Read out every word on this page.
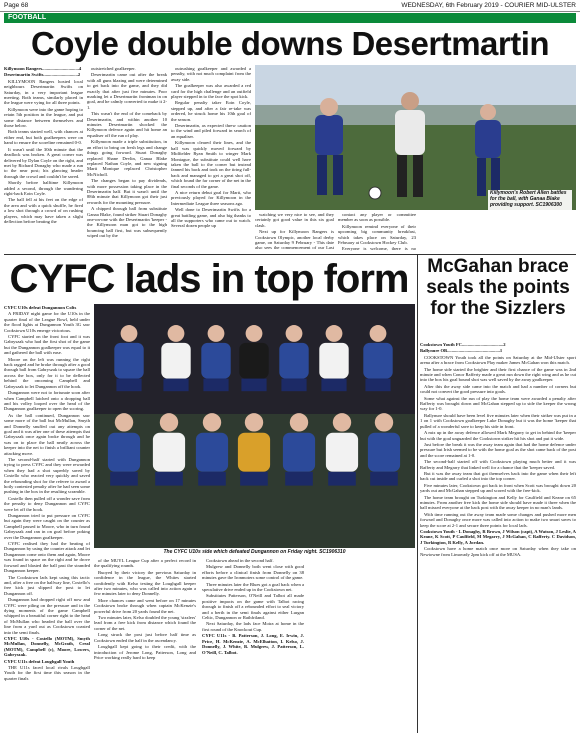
Page 68	WEDNESDAY, 6th February 2019 - COURIER MID-ULSTER
FOOTBALL
Coyle double downs Desertmartin

Killymoon Rangers................................4

Desertmartin Swifts..............................2

KILLYMOON Rangers hosted local neighbours Desertmartin Swifts on Saturday, in a very important league meeting. Both teams, similarly placed in the league were vying for all three points.

Killymoon were into the game hoping to retain 5th position in the league, and put some distance between themselves and those below.

Both teams started well, with chances at either end, but both goalkeepers were on hand to ensure the scoreline remained 0-0.

It wasn't until the 30th minute that the deadlock was broken. A great corner was delivered by Dylan Coyle on the right, and met by Richard Donaghy who made a run to the near post; his glancing header through the crowd and couldn't be saved.

Shortly before halftime Killymoon added a second, through the wandering right-back Eoin Coyle.

The ball fell at his feet on the edge of the area and with a quick shuffle, he fired a low shot through a crowd of on rushing players, which may have taken a slight deflection before beating the

outstretched goalkeeper.

Desertmartin came out after the break with all guns blazing and were determined to get back into the game, and they did exactly that after just five minutes. Poor marking let a Desertmartin frontman in on goal, and he calmly converted to make it 2-1.

This wasn't the end of the comeback by Desertmartin, and within another 10 minutes Desertmartin shocked the Killymoon defence again and hit home an equaliser off the run of play.

Killymoon made a triple substitution, in an effort to bring on fresh legs and change things going forward. Stuart Donaghy replaced Shane Devlin, Ganaa Blake replaced Nathan Coyle, and new signing Marti Monique replaced Christopher McNicholl.

The changes began to pay dividends, with more possession taking place in the Desertmartin half. But it wasn't until the 88th minute that Killymoon got their just rewards for the mounting pressure.

A chipped through ball from substitute Ganaa Blake, found striker Stuart Donaghy one-on-one with the Desertmartin 'keeper - the Killymoon man got to the high bouncing ball first, but was subsequently wiped out by the

outrushing goalkeeper and awarded a penalty, with not much complaint from the away side.

The goalkeeper was also awarded a red card for the high challenge and an outfield player stepped in to the face the spot kick.

Regular penalty taker Eoin Coyle, stepped up, and after a fair re-take was ordered, he struck home his 10th goal of the season.

Desertmartin, as expected threw caution to the wind and piled forward in search of an equaliser.

Killymoon cleared their lines, and the ball was quickly moved forward by Midfielder Ryan Smith to winger Mark Montague, the substitute could well have taken the ball to the corner but instead fanned his back and took on the tiring full-back and managed to get a great shot off, which found the far corner of the net in the final seconds of the game.

A nice return debut goal for Marti, who previously played for Killymoon in the Intermediate League three seasons ago.

Well done to Desertmartin Swifts for a great battling game, and also big thanks to all the supporters who came out to watch. Several dozen people up

watching we very nice to see, and they certainly got good value in this six goal clash.

Next up for Killymoon Rangers is Cookstown Olympic, another local derby game, on Saturday 9 February - This date also sees the commencement of our Last

contact any player or committee member as soon as possible.

Killymoon remind everyone of their upcoming big community breakfast, which takes place on Saturday, 23 February at Cookstown Hockey Club.

Everyone is welcome, there is no

Killymoon's Robert Allen battles for the ball, with Ganaa Blake providing support. SC1906300
CYFC lads in top form

CYFC U10s defeat Dungannon Colts

A FRIDAY night game for the U10s in the quarter final of the League Bowl, held under the flood lights at Dungannon Youth 3G saw Cookstown U10s emerge victorious.

CYFC started on the front foot and it was Gabryszak who had the first shot of the game but the Dungannon goalkeeper was equal to it and gathered the ball with ease.

Moore on the left was running the right back ragged and he broke through after a good through ball from Gabryszak to square the ball across the box, only for it to be deflected behind the oncoming Campbell and Gabryszak to let Dungannon off the hook.

Dungannon were not to fortunate soon after when Campbell latched onto a dropping ball and his volley looped over the head of the Dungannon goalkeeper to open the scoring.

As the ball continued, Dungannon saw some more of the ball but McMullan, Smyth and Donnelly snuffed out any attempts on goal and it was after one of these attempts that Gabryszak once again broke through and he was on to place the ball neatly across the keeper into the net to finish a brilliant counter attacking move.

The second-half started with Dungannon trying to press CYFC and they were rewarded when they had a shot superbly saved by Costello who reacted very quickly and saved the rebounding shot for the referee to award a hotly contested penalty after he had seen some pushing in the box in the resulting scramble.

Costello then pulled off a wonder save from the penalty to deny Dungannon and CYFC were let off the hook.

Dungannon tried to put pressure on CYFC but again they were caught on the counter as Campbell passed to Moore, who in turn found Gabryszak and ran in on goal before poking over the Dungannon goalkeeper.

CYFC realised they had the beating of Dungannon by using the counter attack and let Dungannon come onto them and again, Moore was found in space on the right and he drove forward and blasted the ball past the stranded Dungannon keeper.

The Cookstown lads kept using this tactic and, after a free on the halfway line, Costello's free kick just slipped the post to let Dungannon off.

Dungannon had dropped right off now and CYFC were piling on the pressure and in the dying moments of the game Campbell whipped in a beautiful corner right to the head of McMullan who headed the ball over the line from a yard out as Cookstown coasted into the semi finals.

CYFC U10s - Costello (MOTM), Smyth McMullan, Donnelly, McGrath, Creal (MOTM), Campbell (c), Moore, Lowers, Gabryszak.

CYFC U11s defeat Loughgall Youth

THE U11s faced local rivals Loughgall Youth for the first time this season in the quarter finals

The CYFC U10s side which defeated Dungannon on Friday night. SC1906310

of the MUYL League Cup after a perfect record in the qualifying rounds.

Buoyed by their victory the previous Saturday in confidence in the league, the Whites started confidently with Kelso testing the Loughgall keeper after two minutes, who was called into action again a few minutes later to deny Donnelly.

More chances came and went before on 17 minutes Cookstown broke through when captain McKenzie's powerful drive from 20 yards found the net.

Two minutes later, Kelso doubled the young 'sizzlers' lead from a free kick from distance which found the corner of the net.

Long struck the post just before half time as Cookstown ended the half in the ascendancy.

Loughgall kept going to their credit, with the introduction of Jerome Long, Patterson, Long and Price working really hard to keep

Cookstown ahead in the second half.

Mulgrew and Donnelly both went close with good efforts before a clinical finish from Donnelly on 38 minutes gave the Ironmoters some control of the game.

Three minutes later the Blues got a goal back when a speculative drive ended up in the Cookstown net.

Substitutes Patterson, O'Neill and Talbot all made positive impacts on the game with Talbot racing through to finish off a rebounded effort to seal victory and a berth in the semi finals against either Lurgan Celtic, Dungannon or Rathfriland.

Next Saturday, the lads face Moira at home in the first round of the Knockout Cup.

CYFC U11s - B. Patterson, J. Long, E. Irwin, J. Price, H. McKenzie, A. McElhatton, I. Kelso, J. Donnelly, J. White, B. Mulgrew, J. Patterson, L. O'Neill, C. Talbot.

McGahan brace seals the points for the Sizzlers

Cookstown Youth FC....................................2

Ballynure OB..............................................1

COOKSTOWN Youth took all the points on Saturday at the Mid-Ulster sport arena after a brace from Cookstown Play maker James McGahan won this match.

The home side started the brighter and their first chance of the game was in 2nd minute and when Conor Rafferty made a great run down the right wing and as he cut into the box his goal bound shot was well saved by the away goalkeeper.

After this the away side came into the match and had a number of corners but could not convert the good pressure into goals.

Some what against the run of play the home team were awarded a penalty after Rafferty was brought down and McGahan stepped up to side the keeper the wrong way for 1-0.

Ballynure should have been level five minutes later when their striker was put in a 1 on 1 with Cookstown goalkeeper Luke Donaghy but it was the home 'keeper that pulled of a wonderful save to keep his side in front.

A mix up in the away defence allowed Mark Megarry to get in behind the 'keeper but with the goal unguarded the Cookstown striker hit his shot and put it wide.

Just before the break it was the away team again that had the home defence under pressure but Irish seemed to be with the home goal as the shot came back of the post and the score remained at 1-0.

The second-half started off with Cookstown playing much better and it was Rafferty and Megarry that linked well for a chance that the 'keeper saved.

But it was the away team that got themselves back into the game when their left back cut inside and curled a shot into the top corner.

Five minutes later, Cookstown got back in front when Scott was brought down 20 yards out and McGahan stepped up and scored with the free-kick.

The home team brought on Turkington and Kelly for Caulfield and Keane on 65 minutes. From another free kick the home side should have made it three when the ball missed everyone at the back post with the away keeper in no man's lands.

With time running out the away team made some changes and pushed more men forward and Donaghy once more was called into action to make two smart saves to keep the score at 2-1 and secure three points for local lads.

Cookstown Youth - L Donaghy, R Brown, J Wilson (capt), A Watson, J Leslie, A Keane, K Scott, P Caulfield, M Megarry, J McGahan, C Rafferty. C Davidson, J Turkington, R Kelly, A Jordan.

Cookstown have a home match once more on Saturday when they take on Newtowne from Limavady 2pm kick off at the MUSA.
